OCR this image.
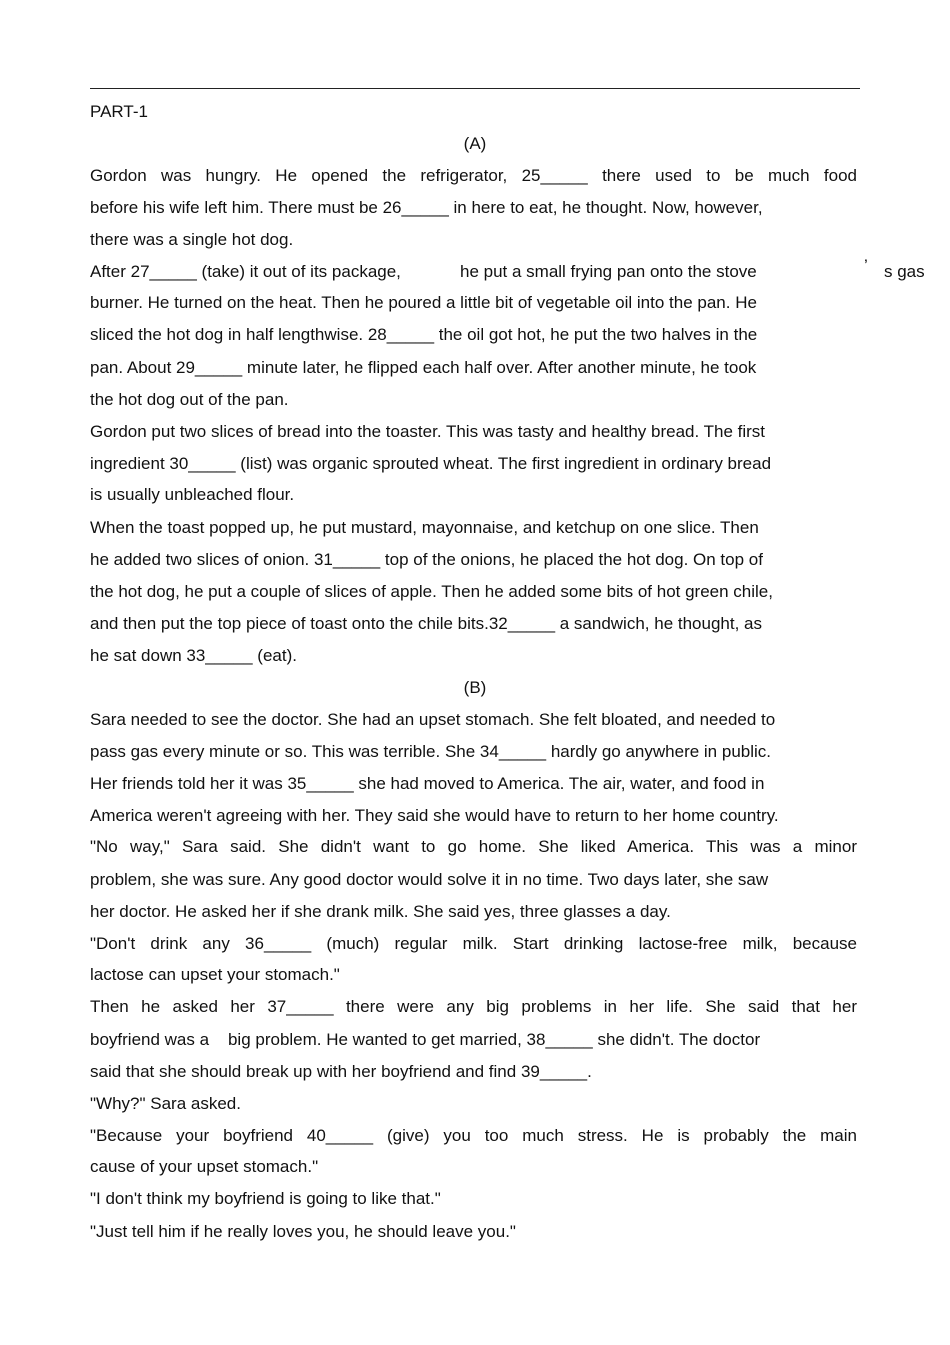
PART-1
(A)
Gordon was hungry. He opened the refrigerator, 25_____ there used to be much food
before his wife left him. There must be 26_____ in here to eat, he thought. Now, however,
there was a single hot dog.
After 27_____ (take) it out of its package,	he put a small frying pan onto the stove	’ s gas
burner. He turned on the heat. Then he poured a little bit of vegetable oil into the pan. He
sliced the hot dog in half lengthwise. 28_____ the oil got hot, he put the two halves in the
pan. About 29_____ minute later, he flipped each half over. After another minute, he took
the hot dog out of the pan.
Gordon put two slices of bread into the toaster. This was tasty and healthy bread. The first
ingredient 30_____ (list) was organic sprouted wheat. The first ingredient in ordinary bread
is usually unbleached flour.
When the toast popped up, he put mustard, mayonnaise, and ketchup on one slice. Then
he added two slices of onion. 31_____ top of the onions, he placed the hot dog. On top of
the hot dog, he put a couple of slices of apple. Then he added some bits of hot green chile,
and then put the top piece of toast onto the chile bits.32_____ a sandwich, he thought, as
he sat down 33_____ (eat).
(B)
Sara needed to see the doctor. She had an upset stomach. She felt bloated, and needed to
pass gas every minute or so. This was terrible. She 34_____ hardly go anywhere in public.
Her friends told her it was 35_____ she had moved to America. The air, water, and food in
America weren't agreeing with her. They said she would have to return to her home country.
"No way," Sara said. She didn't want to go home. She liked America. This was a minor
problem, she was sure. Any good doctor would solve it in no time. Two days later, she saw
her doctor. He asked her if she drank milk. She said yes, three glasses a day.
"Don't drink any 36_____ (much) regular milk. Start drinking lactose-free milk, because
lactose can upset your stomach."
Then he asked her 37_____ there were any big problems in her life. She said that her
boyfriend was a    big problem. He wanted to get married, 38_____ she didn't. The doctor
said that she should break up with her boyfriend and find 39_____.
"Why?" Sara asked.
"Because your boyfriend 40_____ (give) you too much stress. He is probably the main
cause of your upset stomach."
"I don't think my boyfriend is going to like that."
"Just tell him if he really loves you, he should leave you."
